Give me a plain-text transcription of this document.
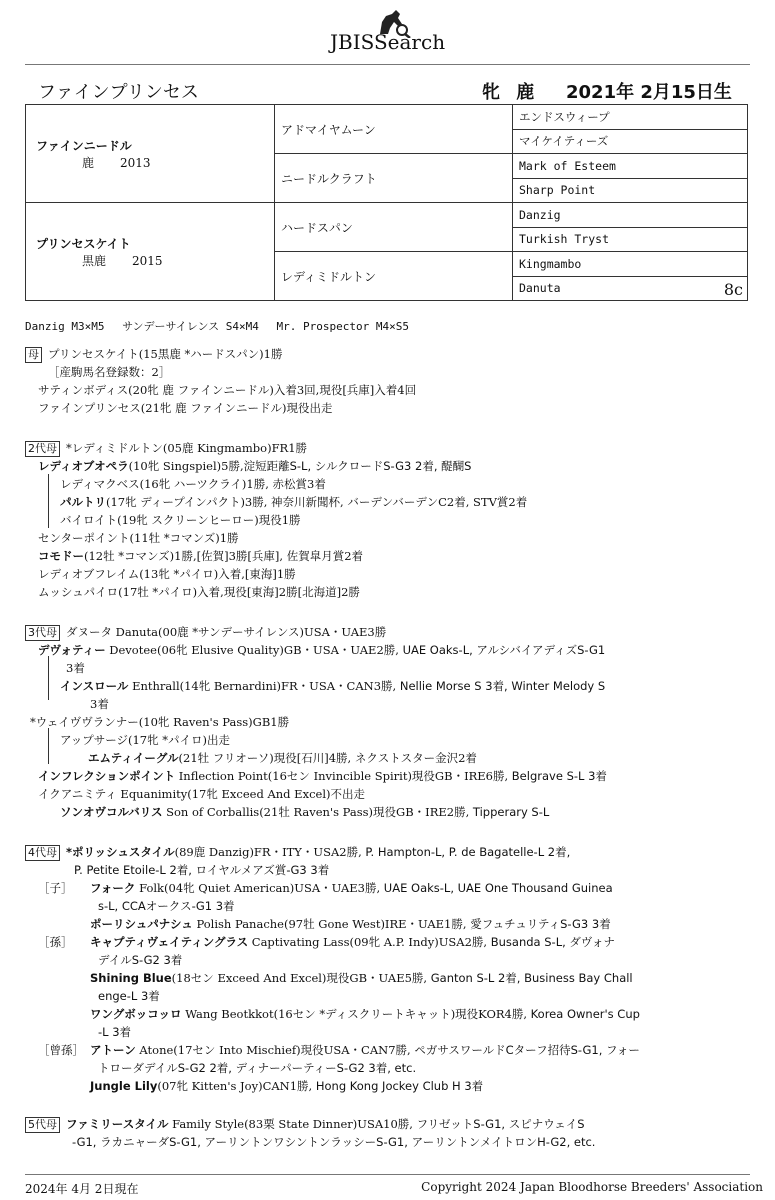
JBISSearch
ファインプリンセス	牝 鹿 2021年 2月15日生
ファインニードル
鹿 2013	アドマイヤムーン	エンドスウィープ
		マイケイティーズ
	ニードルクラフト	Mark of Esteem
		Sharp Point

プリンセスケイト
黒鹿 2015	ハードスパン	Danzig
		Turkish Tryst
	レディミドルトン	Kingmambo
		Danuta 8c
Danzig M3×M5　 サンデーサイレンス S4×M4　 Mr. Prospector M4×S5
母 プリンセスケイト(15黒鹿 *ハードスパン)1勝
［産駒馬名登録数：2］
サティンボディス(20牝 鹿 ファインニードル)入着3回,現役[兵庫]入着4回
ファインプリンセス(21牝 鹿 ファインニードル)現役出走
2代母 *レディミドルトン(05鹿 Kingmambo)FR1勝
レディオブオペラ(10牝 Singspiel)5勝,淀短距離S-L, シルクロードS-G3 2着, 醍醐S
レディマクベス(16牝 ハーツクライ)1勝, 赤松賞3着
パルトリ(17牝 ディープインパクト)3勝, 神奈川新聞杯, バーデンバーデンC2着, STV賞2着
バイロイト(19牝 スクリーンヒーロー)現役1勝
センターポイント(11牡 *コマンズ)1勝
コモドー(12牡 *コマンズ)1勝,[佐賀]3勝[兵庫], 佐賀皐月賞2着
レディオブフレイム(13牝 *パイロ)入着,[東海]1勝
ムッシュパイロ(17牡 *パイロ)入着,現役[東海]2勝[北海道]2勝
3代母 ダヌータ Danuta(00鹿 *サンデーサイレンス)USA・UAE3勝
デヴォティー Devotee(06牝 Elusive Quality)GB・USA・UAE2勝, UAE Oaks-L, アルシバイアディズS-G1
3着
インスロール Enthrall(14牝 Bernardini)FR・USA・CAN3勝, Nellie Morse S 3着, Winter Melody S
3着
*ウェイヴヴランナー(10牝 Raven's Pass)GB1勝
アップサージ(17牝 *パイロ)出走
エムティイーグル(21牡 フリオーソ)現役[石川]4勝, ネクストスター金沢2着
インフレクションポイント Inflection Point(16セン Invincible Spirit)現役GB・IRE6勝, Belgrave S-L 3着
イクアニミティ Equanimity(17牝 Exceed And Excel)不出走
ソンオヴコルバリス Son of Corballis(21牡 Raven's Pass)現役GB・IRE2勝, Tipperary S-L
4代母 *ポリッシュスタイル(89鹿 Danzig)FR・ITY・USA2勝, P. Hampton-L, P. de Bagatelle-L 2着,
P. Petite Etoile-L 2着, ロイヤルメアズ賞-G3 3着
［子］ フォーク Folk(04牝 Quiet American)USA・UAE3勝, UAE Oaks-L, UAE One Thousand Guinea
s-L, CCAオークス-G1 3着
ポーリシュパナシュ Polish Panache(97牡 Gone West)IRE・UAE1勝, 愛フュチュリティS-G3 3着
［孫］ キャプティヴェイティングラス Captivating Lass(09牝 A.P. Indy)USA2勝, Busanda S-L, ダヴォナ
デイルS-G2 3着
Shining Blue(18セン Exceed And Excel)現役GB・UAE5勝, Ganton S-L 2着, Business Bay Chall
enge-L 3着
ワングボッコッロ Wang Beotkkot(16セン *ディスクリートキャット)現役KOR4勝, Korea Owner's Cup
-L 3着
［曾孫］ アトーン Atone(17セン Into Mischief)現役USA・CAN7勝, ペガサスワールドCターフ招待S-G1, フォー
トローダデイルS-G2 2着, ディナーパーティーS-G2 3着, etc.
Jungle Lily(07牝 Kitten's Joy)CAN1勝, Hong Kong Jockey Club H 3着
5代母 ファミリースタイル Family Style(83栗 State Dinner)USA10勝, フリゼットS-G1, スピナウェイS
-G1, ラカニャーダS-G1, アーリントンワシントンラッシーS-G1, アーリントンメイトロンH-G2, etc.
2024年 4月 2日現在	Copyright 2024 Japan Bloodhorse Breeders' Association
